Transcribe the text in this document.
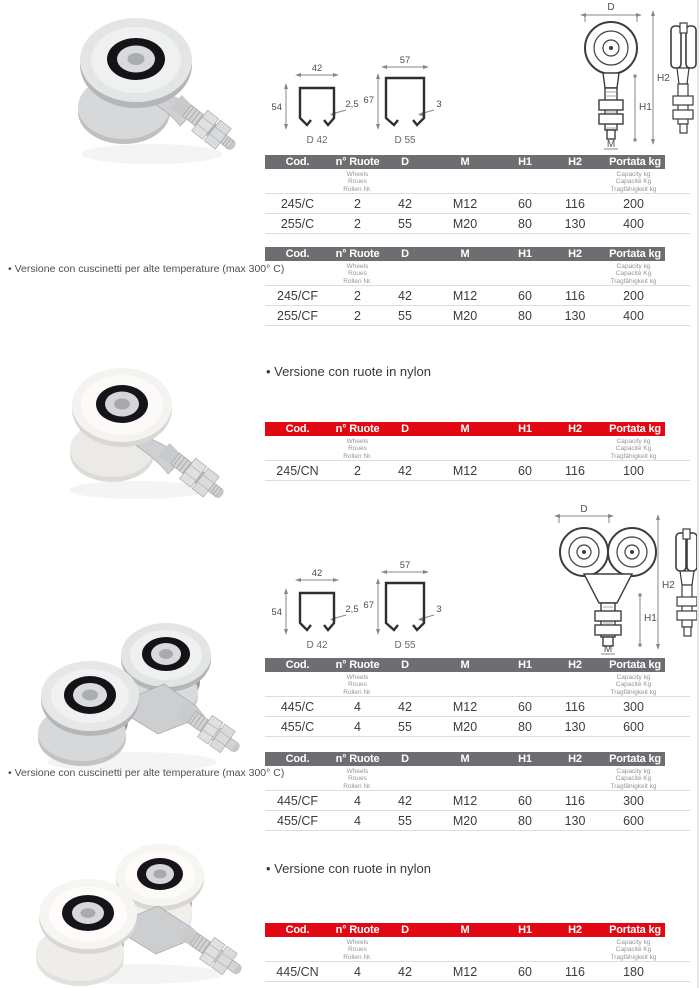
42
54	2,5
57
67	3
D 42	D 55
D
H2
H1
M
Cod.	n° Ruote	D	M	H1	H2	Portata kg
Wheels
Roues
Rollen Nr.
Capacity kg
Capacité Kg
Tragfähigkeit kg
245/C	2	42	M12	60	116	200
255/C	2	55	M20	80	130	400
• Versione con cuscinetti per alte temperature (max 300° C)
Cod.	n° Ruote	D	M	H1	H2	Portata kg
Wheels
Roues
Rollen Nr.
Capacity kg
Capacité Kg
Tragfähigkeit kg
245/CF	2	42	M12	60	116	200
255/CF	2	55	M20	80	130	400
• Versione con ruote in nylon
Cod.	n° Ruote	D	M	H1	H2	Portata kg
Wheels
Roues
Rollen Nr.
Capacity kg
Capacité Kg
Tragfähigkeit kg
245/CN	2	42	M12	60	116	100
D
H2
H1
M
42
54	2,5
57
67	3
D 42	D 55
Cod.	n° Ruote	D	M	H1	H2	Portata kg
Wheels
Roues
Rollen Nr.
Capacity kg
Capacité Kg
Tragfähigkeit kg
445/C	4	42	M12	60	116	300
455/C	4	55	M20	80	130	600
• Versione con cuscinetti per alte temperature (max 300° C)
Cod.	n° Ruote	D	M	H1	H2	Portata kg
Wheels
Roues
Rollen Nr.
Capacity kg
Capacité Kg
Tragfähigkeit kg
445/CF	4	42	M12	60	116	300
455/CF	4	55	M20	80	130	600
• Versione con ruote in nylon
Cod.	n° Ruote	D	M	H1	H2	Portata kg
Wheels
Roues
Rollen Nr.
Capacity kg
Capacité Kg
Tragfähigkeit kg
445/CN	4	42	M12	60	116	180
